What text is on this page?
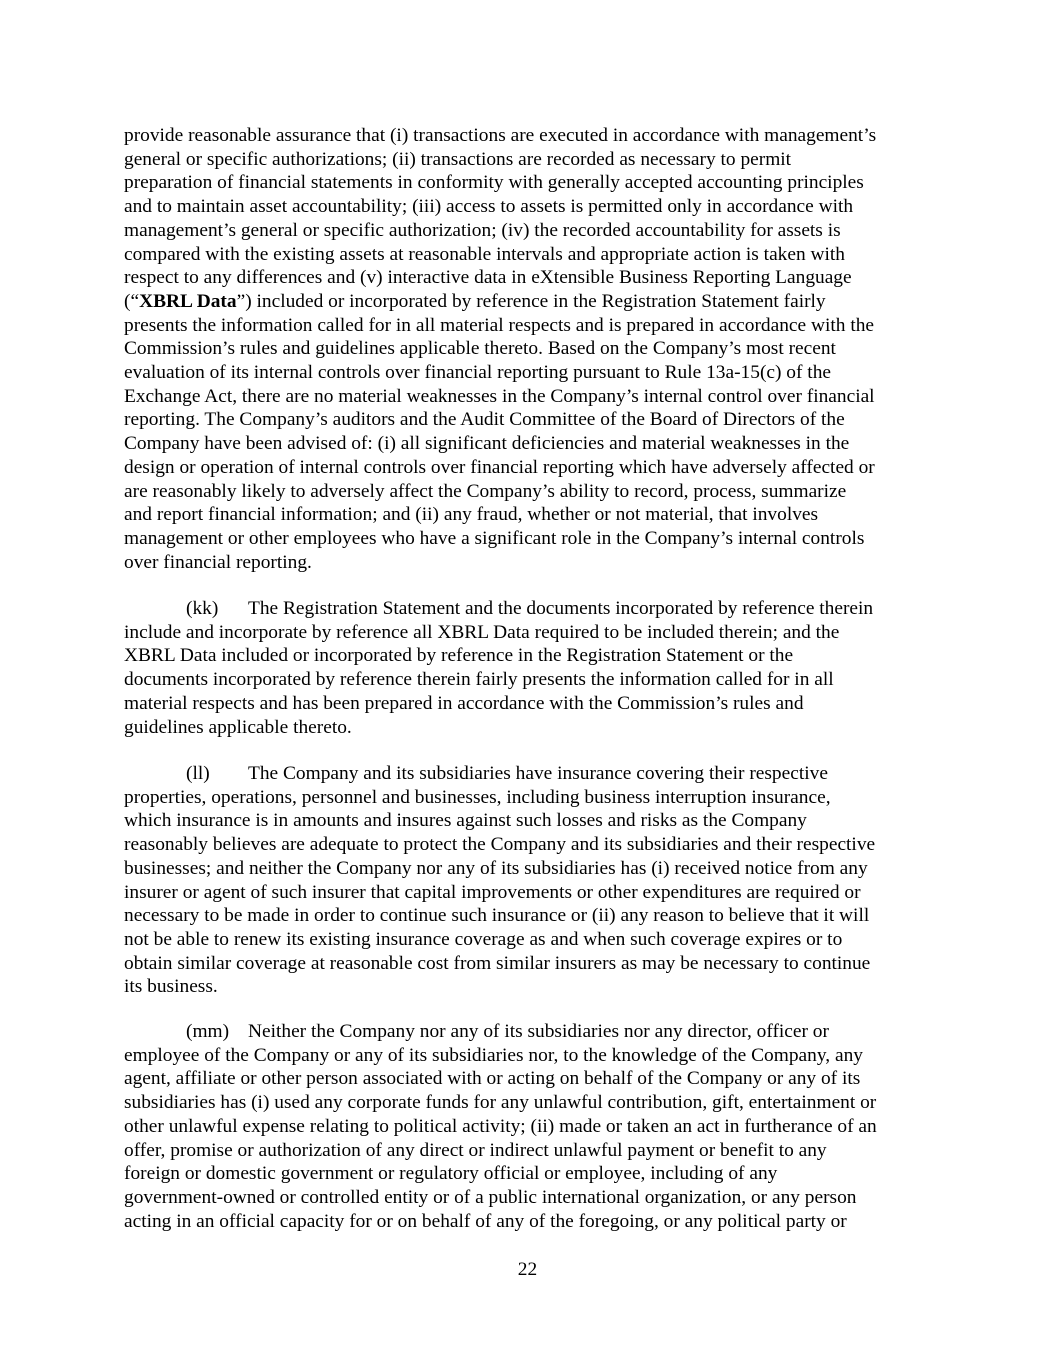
provide reasonable assurance that (i) transactions are executed in accordance with management’s
general or specific authorizations; (ii) transactions are recorded as necessary to permit
preparation of financial statements in conformity with generally accepted accounting principles
and to maintain asset accountability; (iii) access to assets is permitted only in accordance with
management’s general or specific authorization; (iv) the recorded accountability for assets is
compared with the existing assets at reasonable intervals and appropriate action is taken with
respect to any differences and (v) interactive data in eXtensible Business Reporting Language
(“XBRL Data”) included or incorporated by reference in the Registration Statement fairly
presents the information called for in all material respects and is prepared in accordance with the
Commission’s rules and guidelines applicable thereto. Based on the Company’s most recent
evaluation of its internal controls over financial reporting pursuant to Rule 13a-15(c) of the
Exchange Act, there are no material weaknesses in the Company’s internal control over financial
reporting. The Company’s auditors and the Audit Committee of the Board of Directors of the
Company have been advised of: (i) all significant deficiencies and material weaknesses in the
design or operation of internal controls over financial reporting which have adversely affected or
are reasonably likely to adversely affect the Company’s ability to record, process, summarize
and report financial information; and (ii) any fraud, whether or not material, that involves
management or other employees who have a significant role in the Company’s internal controls
over financial reporting.

(kk) The Registration Statement and the documents incorporated by reference therein
include and incorporate by reference all XBRL Data required to be included therein; and the
XBRL Data included or incorporated by reference in the Registration Statement or the
documents incorporated by reference therein fairly presents the information called for in all
material respects and has been prepared in accordance with the Commission’s rules and
guidelines applicable thereto.

(ll) The Company and its subsidiaries have insurance covering their respective
properties, operations, personnel and businesses, including business interruption insurance,
which insurance is in amounts and insures against such losses and risks as the Company
reasonably believes are adequate to protect the Company and its subsidiaries and their respective
businesses; and neither the Company nor any of its subsidiaries has (i) received notice from any
insurer or agent of such insurer that capital improvements or other expenditures are required or
necessary to be made in order to continue such insurance or (ii) any reason to believe that it will
not be able to renew its existing insurance coverage as and when such coverage expires or to
obtain similar coverage at reasonable cost from similar insurers as may be necessary to continue
its business.

(mm) Neither the Company nor any of its subsidiaries nor any director, officer or
employee of the Company or any of its subsidiaries nor, to the knowledge of the Company, any
agent, affiliate or other person associated with or acting on behalf of the Company or any of its
subsidiaries has (i) used any corporate funds for any unlawful contribution, gift, entertainment or
other unlawful expense relating to political activity; (ii) made or taken an act in furtherance of an
offer, promise or authorization of any direct or indirect unlawful payment or benefit to any
foreign or domestic government or regulatory official or employee, including of any
government-owned or controlled entity or of a public international organization, or any person
acting in an official capacity for or on behalf of any of the foregoing, or any political party or

22
